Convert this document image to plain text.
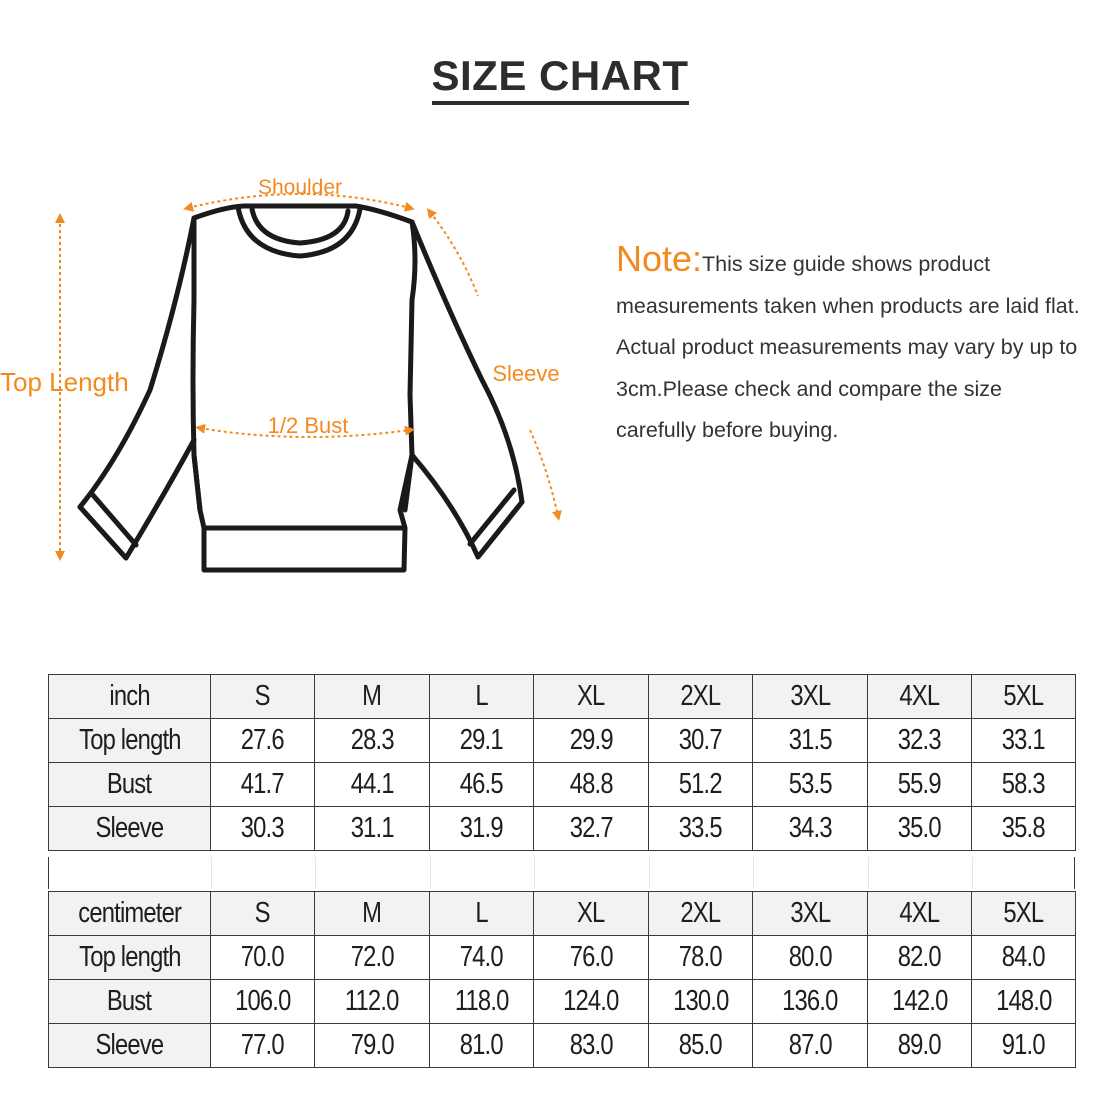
SIZE CHART
Shoulder
Top Length	Sleeve
1/2 Bust
Note:This size guide shows product measurements taken when products are laid flat. Actual product measurements may vary by up to 3cm.Please check and compare the size carefully before buying.
inch	S	M	L	XL	2XL	3XL	4XL	5XL
Top length	27.6	28.3	29.1	29.9	30.7	31.5	32.3	33.1
Bust	41.7	44.1	46.5	48.8	51.2	53.5	55.9	58.3
Sleeve	30.3	31.1	31.9	32.7	33.5	34.3	35.0	35.8
centimeter	S	M	L	XL	2XL	3XL	4XL	5XL
Top length	70.0	72.0	74.0	76.0	78.0	80.0	82.0	84.0
Bust	106.0	112.0	118.0	124.0	130.0	136.0	142.0	148.0
Sleeve	77.0	79.0	81.0	83.0	85.0	87.0	89.0	91.0
